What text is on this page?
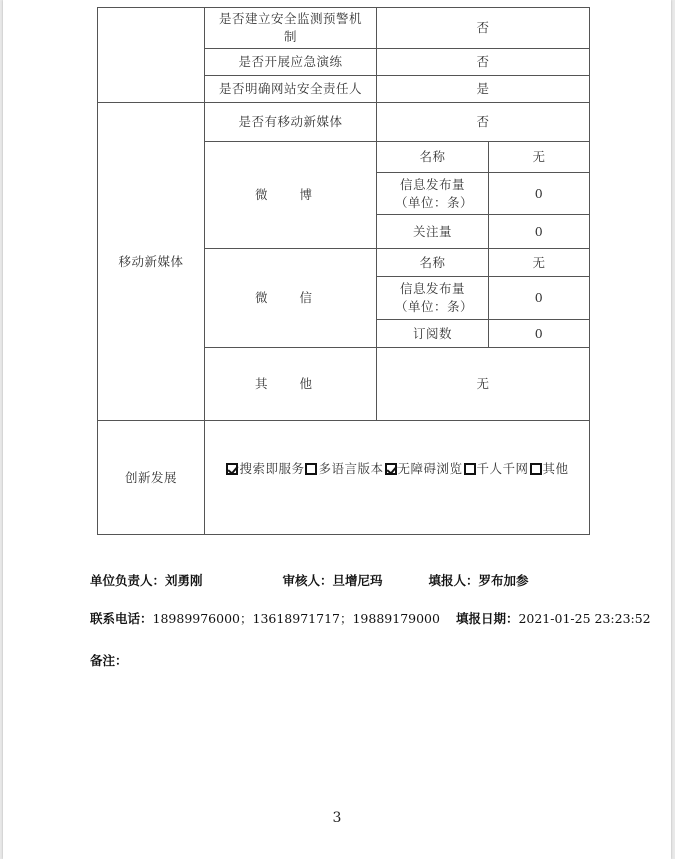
	是否建立安全监测预警机制	否	
	是否开展应急演练	否	
	是否明确网站安全责任人	是	
移动新媒体	是否有移动新媒体	否	
	微 博	名称	无
		信息发布量（单位：条）	0
		关注量	0
	微 信	名称	无
		信息发布量（单位：条）	0
		订阅数	0
	其 他	无	
创新发展	搜索即服务 多语言版本 无障碍浏览 千人千网 其他		
单位负责人：刘勇刚	审核人：旦增尼玛	填报人：罗布加参
联系电话：18989976000；13618971717；19889179000 填报日期：2021-01-25 23:23:52
备注：
3
